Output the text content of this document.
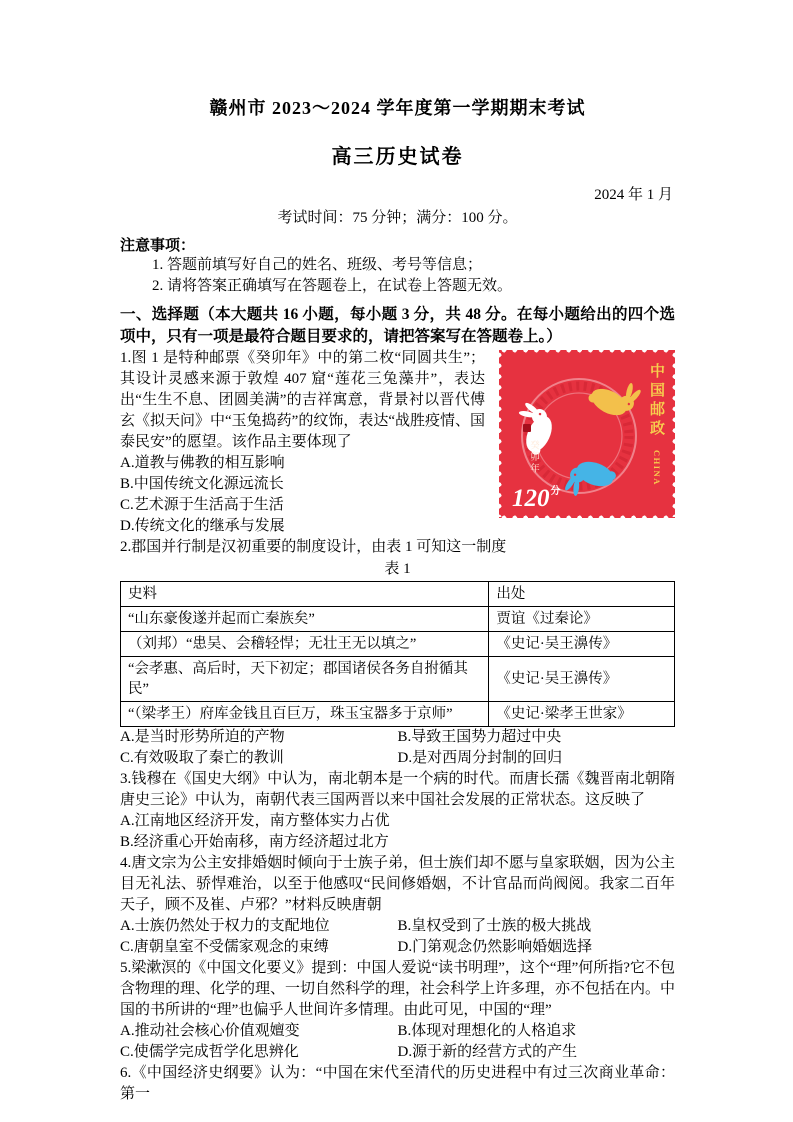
赣州市 2023～2024 学年度第一学期期末考试
高三历史试卷
2024 年 1 月
考试时间：75 分钟；满分：100 分。
注意事项：
1. 答题前填写好自己的姓名、班级、考号等信息；
2. 请将答案正确填写在答题卷上，在试卷上答题无效。
一、选择题（本大题共 16 小题，每小题 3 分，共 48 分。在每小题给出的四个选项中，只有一项是最符合题目要求的，请把答案写在答题卷上。）
中国邮政
CHINA
癸卯年
$120^分$
1.图 1 是特种邮票《癸卯年》中的第二枚“同圆共生”；其设计灵感来源于敦煌 407 窟“莲花三兔藻井”，表达出“生生不息、团圆美满”的吉祥寓意，背景衬以晋代傅玄《拟天问》中“玉兔捣药”的纹饰，表达“战胜疫情、国泰民安”的愿望。该作品主要体现了
A.道教与佛教的相互影响
B.中国传统文化源远流长
C.艺术源于生活高于生活
D.传统文化的继承与发展
2.郡国并行制是汉初重要的制度设计，由表 1 可知这一制度
表 1
史料	出处
“山东豪俊遂并起而亡秦族矣”	贾谊《过秦论》
（刘邦）“患吴、会稽轻悍；无壮王无以填之”	《史记·吴王濞传》
“会孝惠、高后时，天下初定；郡国诸侯各务自拊循其民”	《史记·吴王濞传》
“（梁孝王）府库金钱且百巨万，珠玉宝器多于京师”	《史记·梁孝王世家》
A.是当时形势所迫的产物	B.导致王国势力超过中央
C.有效吸取了秦亡的教训	D.是对西周分封制的回归
3.钱穆在《国史大纲》中认为，南北朝本是一个病的时代。而唐长孺《魏晋南北朝隋唐史三论》中认为，南朝代表三国两晋以来中国社会发展的正常状态。这反映了
A.江南地区经济开发，南方整体实力占优
B.经济重心开始南移，南方经济超过北方
4.唐文宗为公主安排婚姻时倾向于士族子弟，但士族们却不愿与皇家联姻，因为公主目无礼法、骄悍难治，以至于他感叹“民间修婚姻，不计官品而尚阀阅。我家二百年天子，顾不及崔、卢邪？”材料反映唐朝
A.士族仍然处于权力的支配地位	B.皇权受到了士族的极大挑战
C.唐朝皇室不受儒家观念的束缚	D.门第观念仍然影响婚姻选择
5.梁漱溟的《中国文化要义》提到：中国人爱说“读书明理”，这个“理”何所指?它不包含物理的理、化学的理、一切自然科学的理，社会科学上许多理，亦不包括在内。中国的书所讲的“理”也偏乎人世间许多情理。由此可见，中国的“理”
A.推动社会核心价值观嬗变	B.体现对理想化的人格追求
C.使儒学完成哲学化思辨化	D.源于新的经营方式的产生
6.《中国经济史纲要》认为：“中国在宋代至清代的历史进程中有过三次商业革命：第一
